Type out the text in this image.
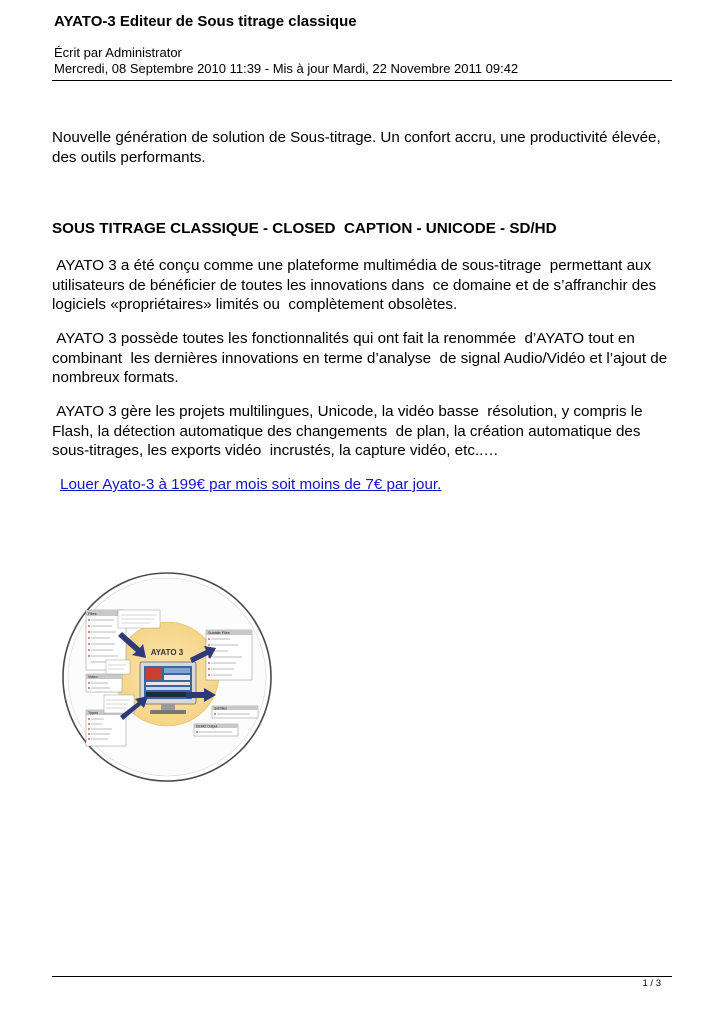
AYATO-3 Editeur de Sous titrage classique
Écrit par Administrator
Mercredi, 08 Septembre 2010 11:39 - Mis à jour Mardi, 22 Novembre 2011 09:42

Nouvelle génération de solution de Sous-titrage. Un confort accru, une productivité élevée, des outils performants.

SOUS TITRAGE CLASSIQUE - CLOSED  CAPTION - UNICODE - SD/HD

AYATO 3 a été conçu comme une plateforme multimédia de sous-titrage  permettant aux utilisateurs de bénéficier de toutes les innovations dans  ce domaine et de s’affranchir des logiciels «propriétaires» limités ou  complètement obsolètes.

AYATO 3 possède toutes les fonctionnalités qui ont fait la renommée  d’AYATO tout en combinant  les dernières innovations en terme d’analyse  de signal Audio/Vidéo et l’ajout de nombreux formats.

AYATO 3 gère les projets multilingues, Unicode, la vidéo basse  résolution, y compris le Flash, la détection automatique des changements  de plan, la création automatique des sous-titrages, les exports vidéo  incrustés, la capture vidéo, etc..…

Louer Ayato-3 à 199€ par mois soit moins de 7€ par jour.
AYATO 3
Files
Video
Types
Subtitle Files
Subtitles
DEMO Output
1 / 3
